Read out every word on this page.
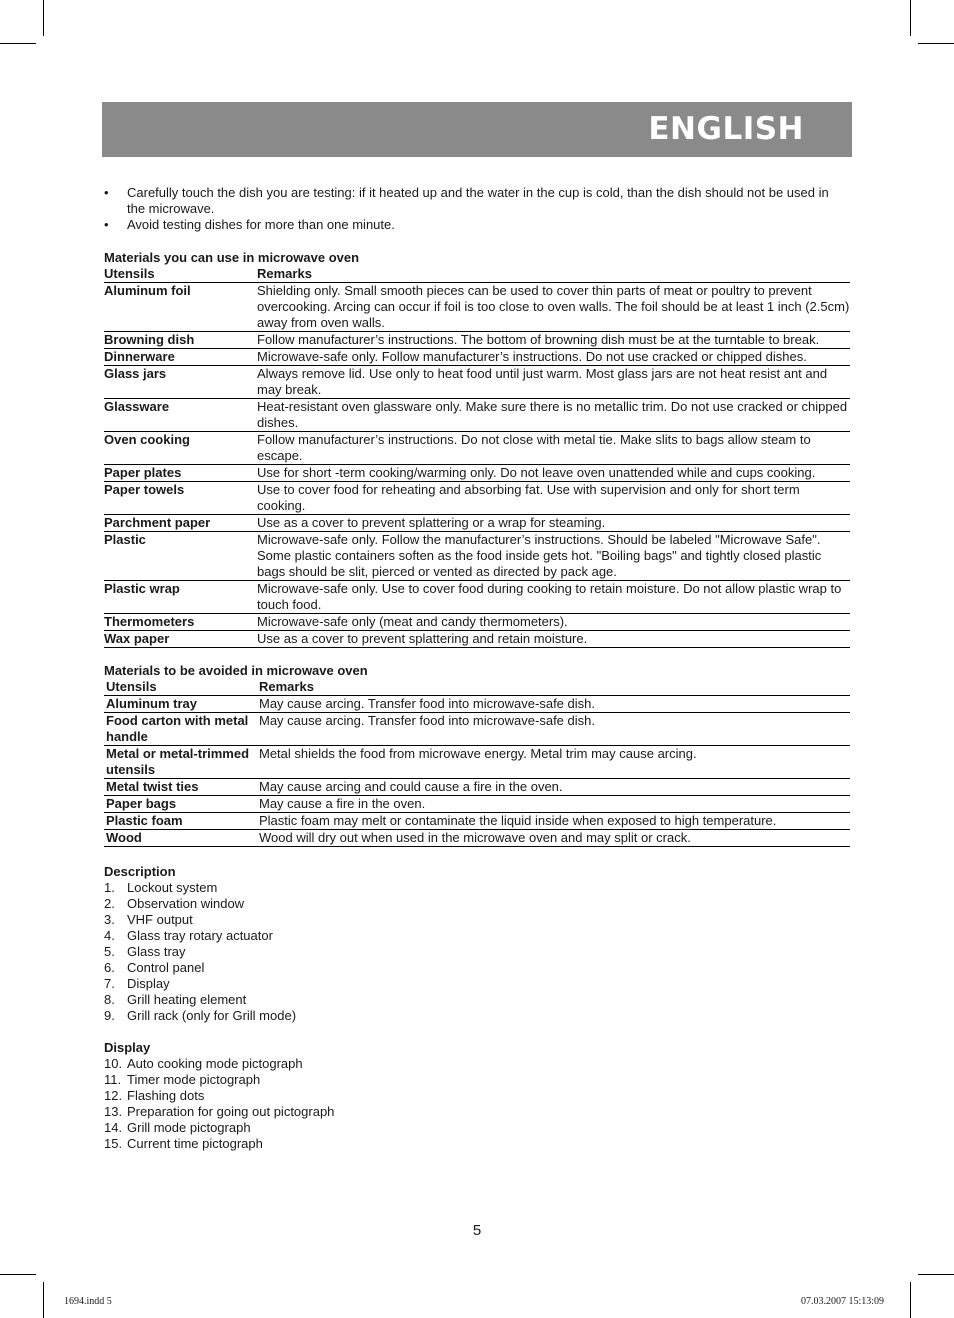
ENGLISH
• Carefully touch the dish you are testing: if it heated up and the water in the cup is cold, than the dish should not be used in the microwave.
• Avoid testing dishes for more than one minute.
Materials you can use in microwave oven
Utensils	Remarks
Aluminum foil	Shielding only. Small smooth pieces can be used to cover thin parts of meat or poultry to prevent overcooking. Arcing can occur if foil is too close to oven walls. The foil should be at least 1 inch (2.5cm) away from oven walls.
Browning dish	Follow manufacturer’s instructions. The bottom of browning dish must be at the turntable to break.
Dinnerware	Microwave-safe only. Follow manufacturer’s instructions. Do not use cracked or chipped dishes.
Glass jars	Always remove lid. Use only to heat food until just warm. Most glass jars are not heat resist ant and may break.
Glassware	Heat-resistant oven glassware only. Make sure there is no metallic trim. Do not use cracked or chipped dishes.
Oven cooking	Follow manufacturer’s instructions. Do not close with metal tie. Make slits to bags allow steam to escape.
Paper plates	Use for short -term cooking/warming only. Do not leave oven unattended while and cups cooking.
Paper towels	Use to cover food for reheating and absorbing fat. Use with supervision and only for short term cooking.
Parchment paper	Use as a cover to prevent splattering or a wrap for steaming.
Plastic	Microwave-safe only. Follow the manufacturer’s instructions. Should be labeled "Microwave Safe". Some plastic containers soften as the food inside gets hot. "Boiling bags" and tightly closed plastic bags should be slit, pierced or vented as directed by pack age.
Plastic wrap	Microwave-safe only. Use to cover food during cooking to retain moisture. Do not allow plastic wrap to touch food.
Thermometers	Microwave-safe only (meat and candy thermometers).
Wax paper	Use as a cover to prevent splattering and retain moisture.
Materials to be avoided in microwave oven
Utensils	Remarks
Aluminum tray	May cause arcing. Transfer food into microwave-safe dish.
Food carton with metal handle	May cause arcing. Transfer food into microwave-safe dish.
Metal or metal-trimmed utensils	Metal shields the food from microwave energy. Metal trim may cause arcing.
Metal twist ties	May cause arcing and could cause a fire in the oven.
Paper bags	May cause a fire in the oven.
Plastic foam	Plastic foam may melt or contaminate the liquid inside when exposed to high temperature.
Wood	Wood will dry out when used in the microwave oven and may split or crack.
Description
1. Lockout system
2. Observation window
3. VHF output
4. Glass tray rotary actuator
5. Glass tray
6. Control panel
7. Display
8. Grill heating element
9. Grill rack (only for Grill mode)
Display
10. Auto cooking mode pictograph
11. Timer mode pictograph
12. Flashing dots
13. Preparation for going out pictograph
14. Grill mode pictograph
15. Current time pictograph
5
1694.indd 5	07.03.2007 15:13:09
